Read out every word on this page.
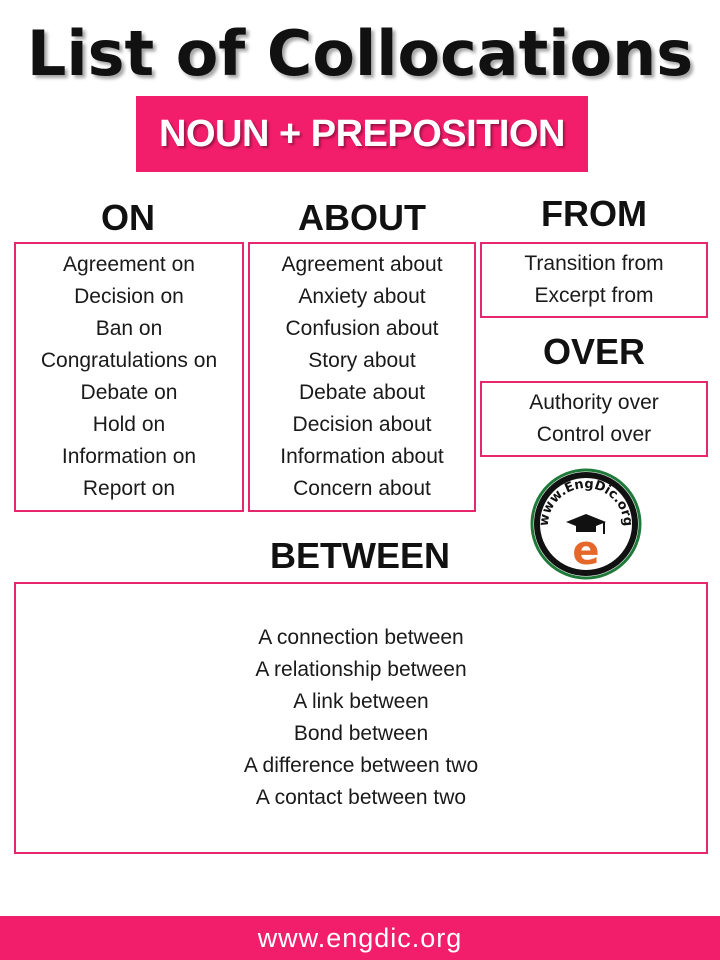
List of Collocations
NOUN + PREPOSITION
ON
Agreement on
Decision on
Ban on
Congratulations on
Debate on
Hold on
Information on
Report on
ABOUT
Agreement about
Anxiety about
Confusion about
Story about
Debate about
Decision about
Information about
Concern about
FROM
Transition from
Excerpt from
OVER
Authority over
Control over
www.EngDic.org
e
BETWEEN
A connection between
A relationship between
A link between
Bond between
A difference between two
A contact between two
www.engdic.org
